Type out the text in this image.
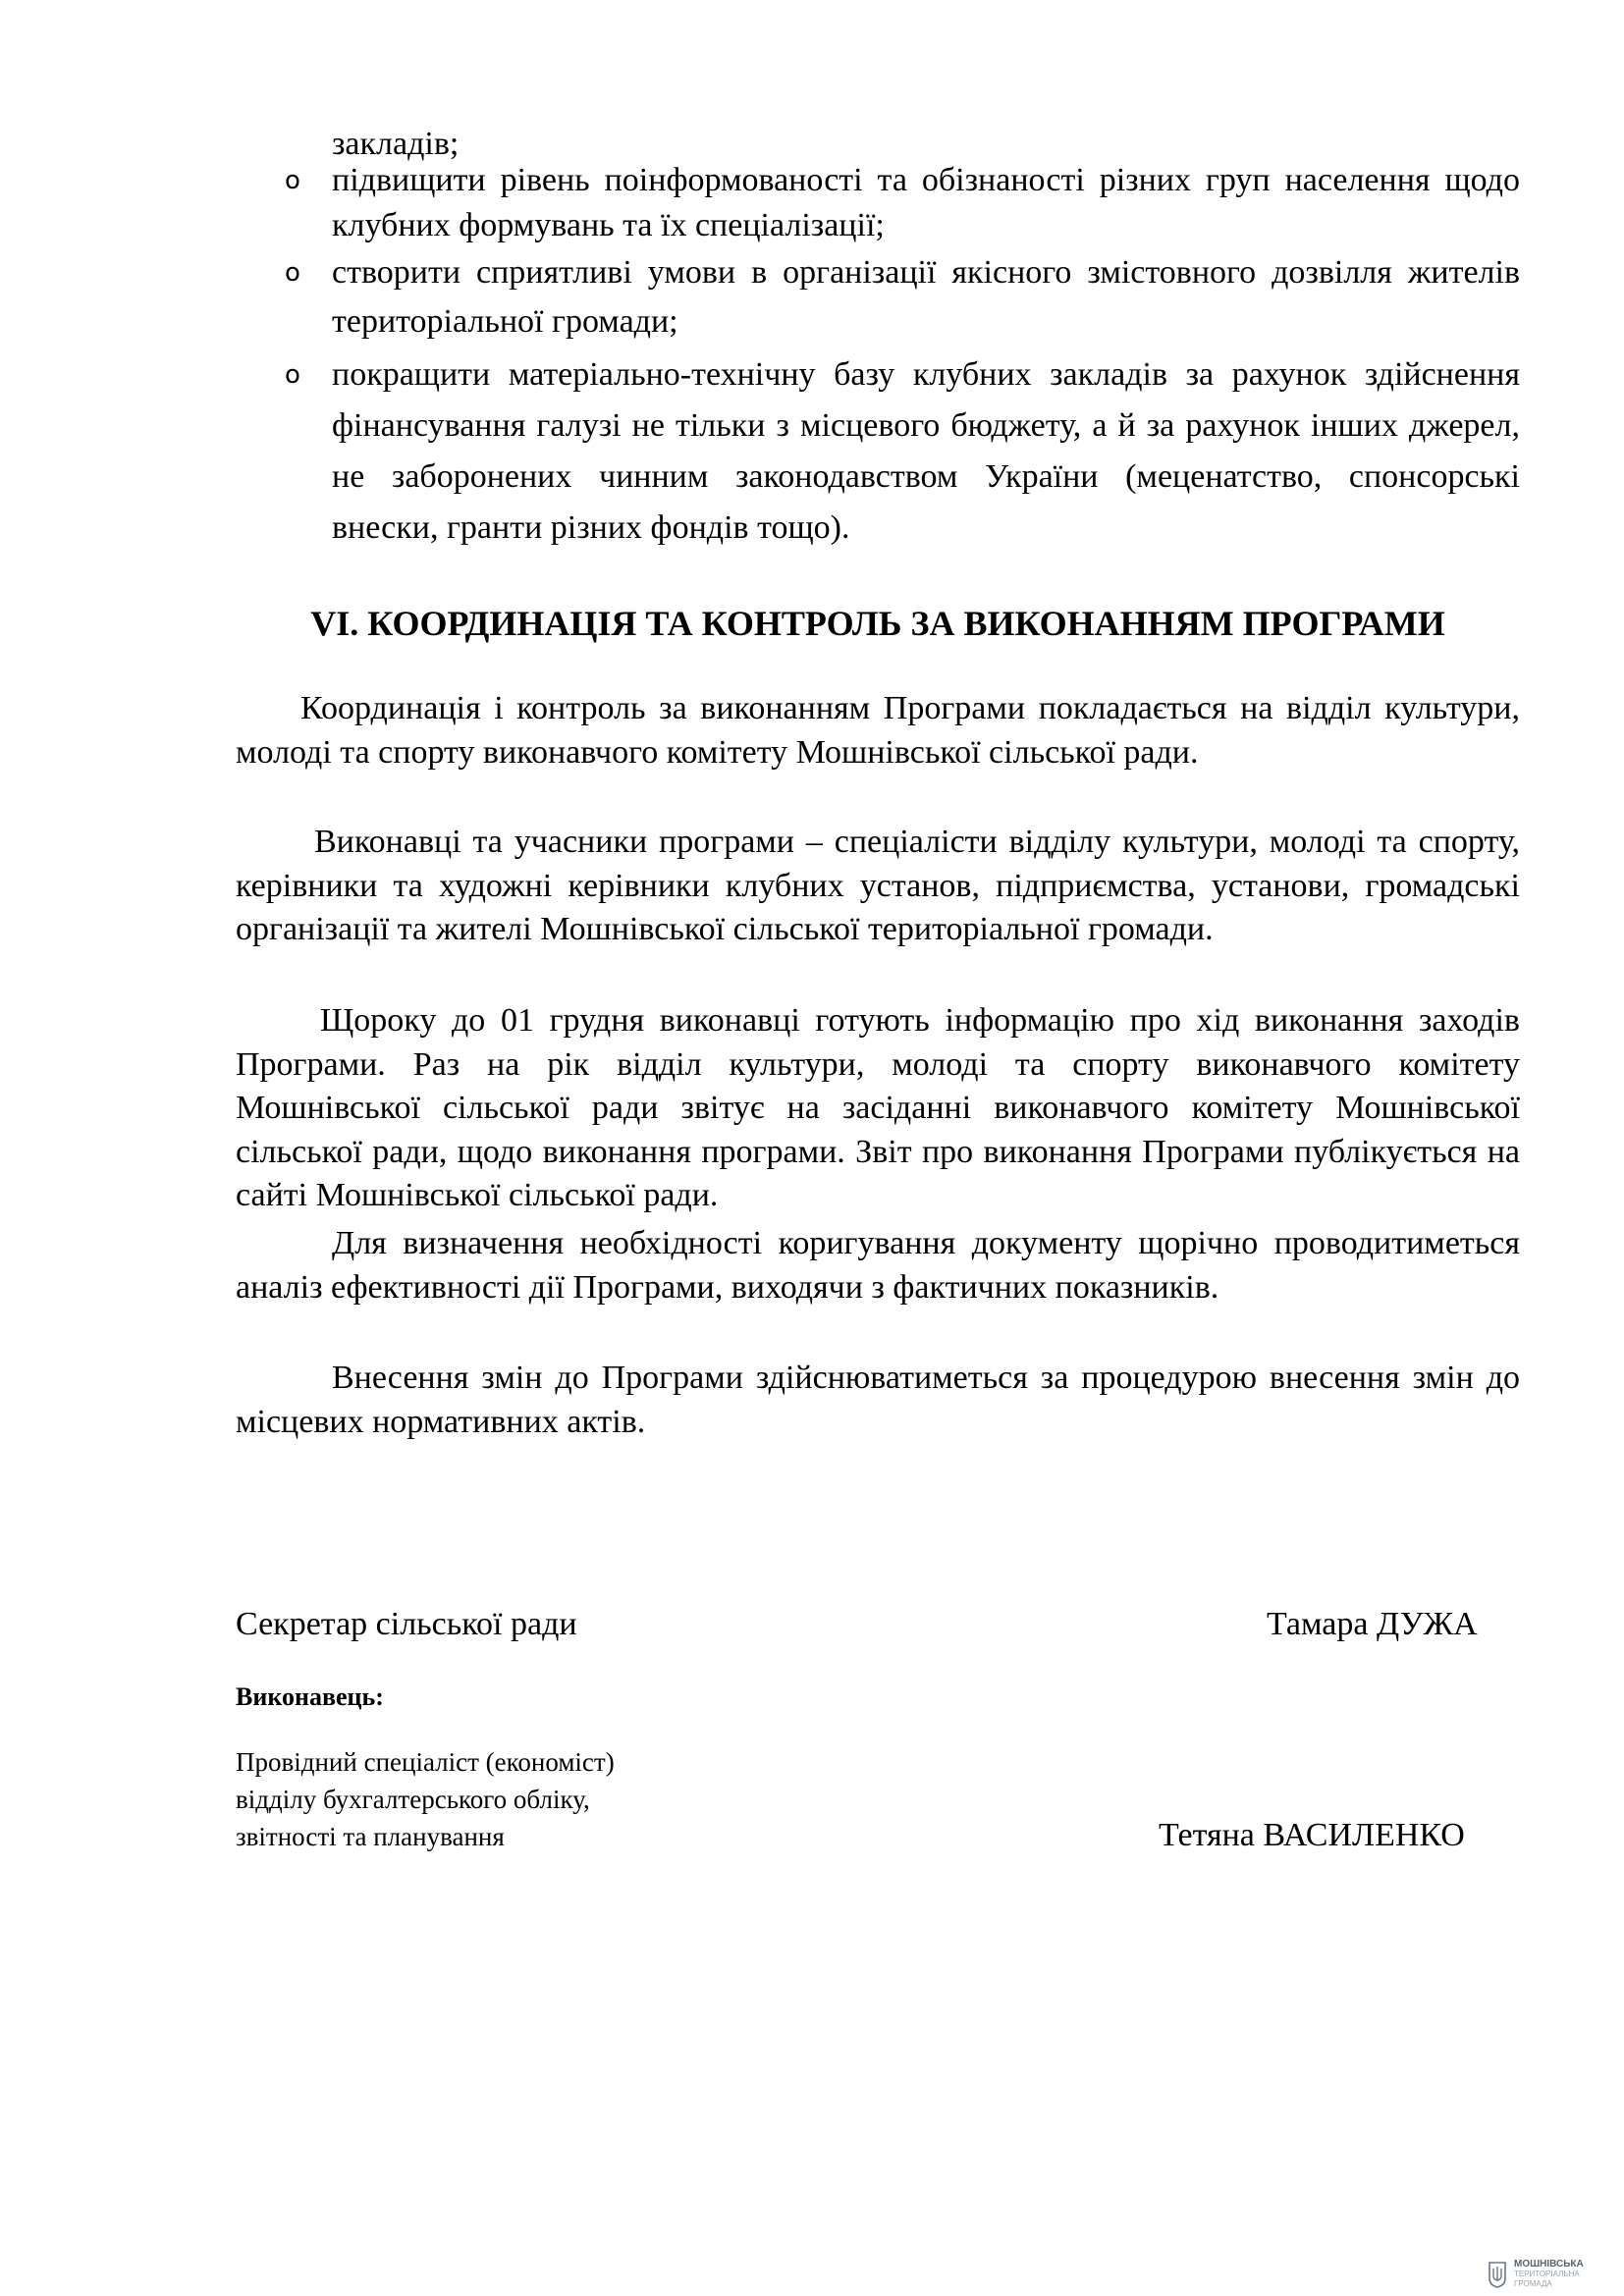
закладів;
o підвищити рівень поінформованості та обізнаності різних груп населення щодо клубних формувань та їх спеціалізації;
o створити сприятливі умови в організації якісного змістовного дозвілля жителів територіальної громади;
o покращити матеріально-технічну базу клубних закладів за рахунок здійснення фінансування галузі не тільки з місцевого бюджету, а й за рахунок інших джерел, не заборонених чинним законодавством України (меценатство, спонсорські внески, гранти різних фондів тощо).
VI. КООРДИНАЦІЯ ТА КОНТРОЛЬ ЗА ВИКОНАННЯМ ПРОГРАМИ
Координація і контроль за виконанням Програми покладається на відділ культури, молоді та спорту виконавчого комітету Мошнівської сільської ради.
Виконавці та учасники програми – спеціалісти відділу культури, молоді та спорту, керівники та художні керівники клубних установ, підприємства, установи, громадські організації та жителі Мошнівської сільської територіальної громади.
Щороку до 01 грудня виконавці готують інформацію про хід виконання заходів Програми. Раз на рік відділ культури, молоді та спорту виконавчого комітету Мошнівської сільської ради звітує на засіданні виконавчого комітету Мошнівської сільської ради, щодо виконання програми. Звіт про виконання Програми публікується на сайті Мошнівської сільської ради.
Для визначення необхідності коригування документу щорічно проводитиметься аналіз ефективності дії Програми, виходячи з фактичних показників.
Внесення змін до Програми здійснюватиметься за процедурою внесення змін до місцевих нормативних актів.
Секретар сільської ради	Тамара ДУЖА
Виконавець:
Провідний спеціаліст (економіст)
відділу бухгалтерського обліку,
звітності та планування	Тетяна ВАСИЛЕНКО
МОШНІВСЬКА
ТЕРИТОРІАЛЬНА
ГРОМАДА
